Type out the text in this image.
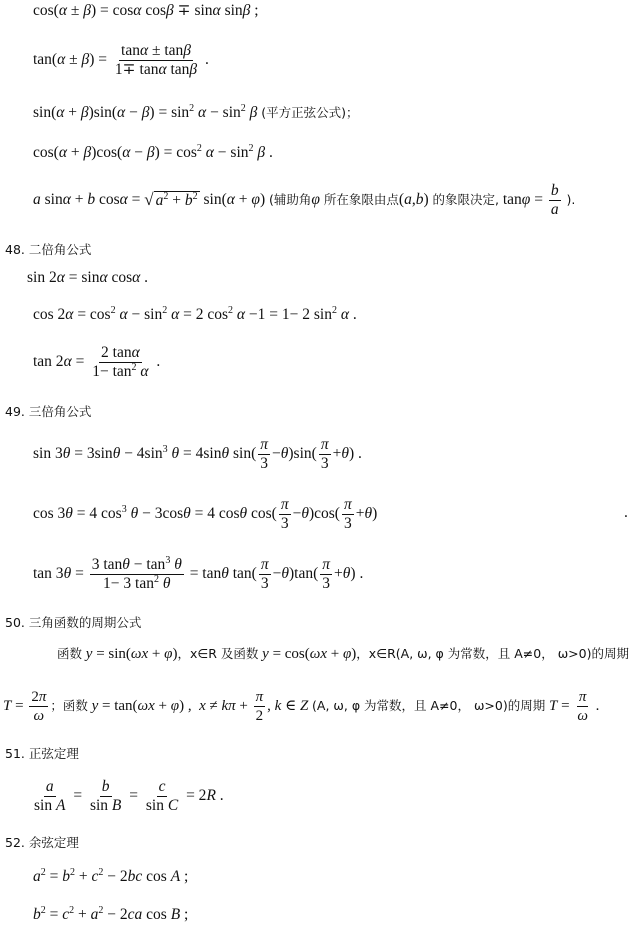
cos(α ± β) = cosα cosβ ∓ sinα sinβ ;
$\tan(\alpha \pm \beta) = \frac{\tan\alpha \pm \tan\beta}{\text{1∓ tanα tanβ}}$ .
$\sin(\alpha + \beta)\sin(\alpha - \beta) = \sin^2 \alpha - \sin^2 \beta$ (平方正弦公式)；
$\cos(\alpha + \beta)\cos(\alpha - \beta) = \cos^2 \alpha - \sin^2 \beta$ .
a sinα + b cosα = √ $a^2 + b^2$ sin(α + φ) (辅助角φ 所在象限由点(a,b) 的象限决定, $\tan\varphi = \frac{b}{a}$ ).
48. 二倍角公式
sin 2α = sinα cosα .
$\cos 2\alpha = \cos^2 \alpha - \sin^2 \alpha = 2$ $\cos^2 \alpha -1 = 1- 2$ $\sin^2 \alpha$ .
$\tan 2\alpha = \frac{2 \tan\alpha}{1- \tan^2 \alpha}$ .
49. 三倍角公式
$\sin 3\theta = 3\sin\theta - 4\sin^3$ θ = 4sinθ $\sin( \frac{\pi}{3} -\theta)\sin( \frac{\pi}{3} +\theta)$ .
cos 3θ = 4 $\cos^3 \theta - 3\cos\theta = 4$ cosθ $\cos( \frac{\pi}{3} -\theta)\cos( \frac{\pi}{3} +\theta)$	.
$\tan 3\theta = \frac{3 \tan\theta - \tan^3 \theta}{1- 3 \tan^2 \theta} = \tan\theta$ $\tan( \frac{\pi}{3} -\theta)\tan( \frac{\pi}{3} +\theta)$ .
50. 三角函数的周期公式
函数 y = sin(ωx + φ)，x∈R 及函数 y = cos(ωx + φ)，x∈R(A, ω, φ 为常数，且 A≠0， ω>0)的周期
$T = \frac{2\pi}{\omega}$ ；函数 y = tan(ωx + φ) ,  $x \ne k\pi + \frac{\pi}{2}$ , k ∈ Z (A, ω, φ 为常数，且 A≠0， ω>0)的周期 $T = \frac{\pi}{\omega}$ .
51. 正弦定理
$\frac{a}{\text{sin A}} = \frac{b}{\text{sin B}} = \frac{c}{\text{sin C}} = 2R$ .
52. 余弦定理
$a^2 = b^2 + c^2 - 2bc$ cos A ;
$b^2 = c^2 + a^2 - 2ca$ cos B ;
